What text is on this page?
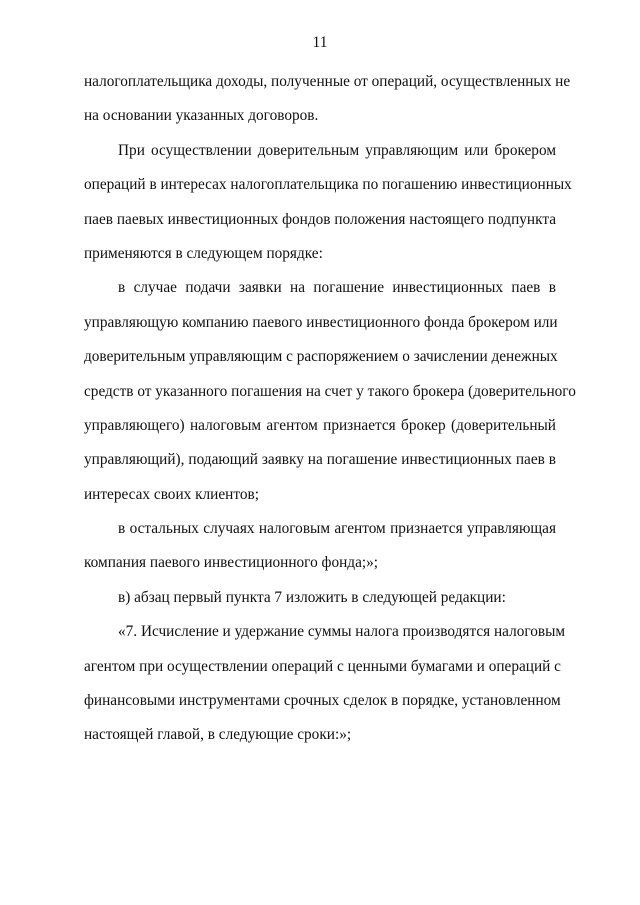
11
налогоплательщика доходы, полученные от операций, осуществленных не
на основании указанных договоров.
При осуществлении доверительным управляющим или брокером
операций в интересах налогоплательщика по погашению инвестиционных
паев паевых инвестиционных фондов положения настоящего подпункта
применяются в следующем порядке:
в случае подачи заявки на погашение инвестиционных паев в
управляющую компанию паевого инвестиционного фонда брокером или
доверительным управляющим с распоряжением о зачислении денежных
средств от указанного погашения на счет у такого брокера (доверительного
управляющего) налоговым агентом признается брокер (доверительный
управляющий), подающий заявку на погашение инвестиционных паев в
интересах своих клиентов;
в остальных случаях налоговым агентом признается управляющая
компания паевого инвестиционного фонда;»;
в) абзац первый пункта 7 изложить в следующей редакции:
«7. Исчисление и удержание суммы налога производятся налоговым
агентом при осуществлении операций с ценными бумагами и операций с
финансовыми инструментами срочных сделок в порядке, установленном
настоящей главой, в следующие сроки:»;
